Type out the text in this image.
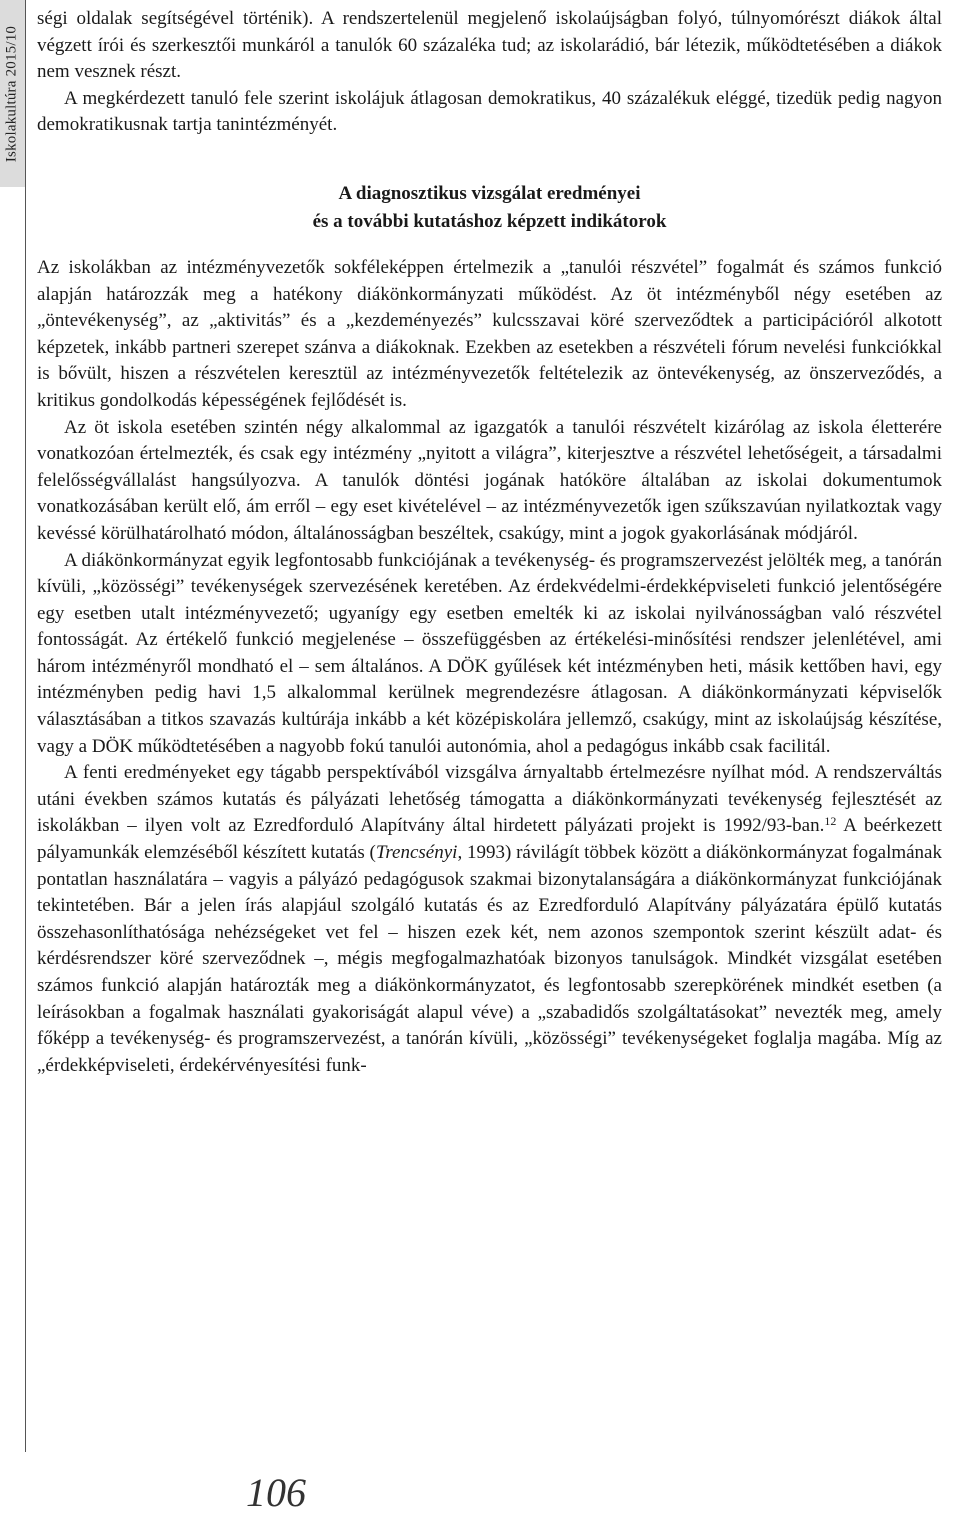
Iskolakultúra 2015/10

ségi oldalak segítségével történik). A rendszertelenül megjelenő iskolaújságban folyó, túlnyomórészt diákok által végzett írói és szerkesztői munkáról a tanulók 60 százaléka tud; az iskolarádió, bár létezik, működtetésében a diákok nem vesznek részt.

A megkérdezett tanuló fele szerint iskolájuk átlagosan demokratikus, 40 százalékuk eléggé, tizedük pedig nagyon demokratikusnak tartja tanintézményét.

A diagnosztikus vizsgálat eredményei
és a további kutatáshoz képzett indikátorok

Az iskolákban az intézményvezetők sokféleképpen értelmezik a „tanulói részvétel” fogalmát és számos funkció alapján határozzák meg a hatékony diákönkormányzati működést. Az öt intézményből négy esetében az „öntevékenység”, az „aktivitás” és a „kezdeményezés” kulcsszavai köré szerveződtek a participációról alkotott képzetek, inkább partneri szerepet szánva a diákoknak. Ezekben az esetekben a részvételi fórum nevelési funkciókkal is bővült, hiszen a részvételen keresztül az intézményvezetők feltételezik az öntevékenység, az önszerveződés, a kritikus gondolkodás képességének fejlődését is.

Az öt iskola esetében szintén négy alkalommal az igazgatók a tanulói részvételt kizárólag az iskola életterére vonatkozóan értelmezték, és csak egy intézmény „nyitott a világra”, kiterjesztve a részvétel lehetőségeit, a társadalmi felelősségvállalást hangsúlyozva. A tanulók döntési jogának hatóköre általában az iskolai dokumentumok vonatkozásában került elő, ám erről – egy eset kivételével – az intézményvezetők igen szűkszavúan nyilatkoztak vagy kevéssé körülhatárolható módon, általánosságban beszéltek, csakúgy, mint a jogok gyakorlásának módjáról.

A diákönkormányzat egyik legfontosabb funkciójának a tevékenység- és programszervezést jelölték meg, a tanórán kívüli, „közösségi” tevékenységek szervezésének keretében. Az érdekvédelmi-érdekképviseleti funkció jelentőségére egy esetben utalt intézményvezető; ugyanígy egy esetben emelték ki az iskolai nyilvánosságban való részvétel fontosságát. Az értékelő funkció megjelenése – összefüggésben az értékelési-minősítési rendszer jelenlétével, ami három intézményről mondható el – sem általános. A DÖK gyűlések két intézményben heti, másik kettőben havi, egy intézményben pedig havi 1,5 alkalommal kerülnek megrendezésre átlagosan. A diákönkormányzati képviselők választásában a titkos szavazás kultúrája inkább a két középiskolára jellemző, csakúgy, mint az iskolaújság készítése, vagy a DÖK működtetésében a nagyobb fokú tanulói autonómia, ahol a pedagógus inkább csak facilitál.

A fenti eredményeket egy tágabb perspektívából vizsgálva árnyaltabb értelmezésre nyílhat mód. A rendszerváltás utáni években számos kutatás és pályázati lehetőség támogatta a diákönkormányzati tevékenység fejlesztését az iskolákban – ilyen volt az Ezredforduló Alapítvány által hirdetett pályázati projekt is 1992/93-ban.$^{12}$ A beérkezett pályamunkák elemzéséből készített kutatás (Trencsényi, 1993) rávilágít többek között a diákönkormányzat fogalmának pontatlan használatára – vagyis a pályázó pedagógusok szakmai bizonytalanságára a diákönkormányzat funkciójának tekintetében. Bár a jelen írás alapjául szolgáló kutatás és az Ezredforduló Alapítvány pályázatára épülő kutatás összehasonlíthatósága nehézségeket vet fel – hiszen ezek két, nem azonos szempontok szerint készült adat- és kérdésrendszer köré szerveződnek –, mégis megfogalmazhatóak bizonyos tanulságok. Mindkét vizsgálat esetében számos funkció alapján határozták meg a diákönkormányzatot, és legfontosabb szerepkörének mindkét esetben (a leírásokban a fogalmak használati gyakoriságát alapul véve) a „szabadidős szolgáltatásokat” nevezték meg, amely főképp a tevékenység- és programszervezést, a tanórán kívüli, „közösségi” tevékenységeket foglalja magába. Míg az „érdekképviseleti, érdekérvényesítési funk-

106
